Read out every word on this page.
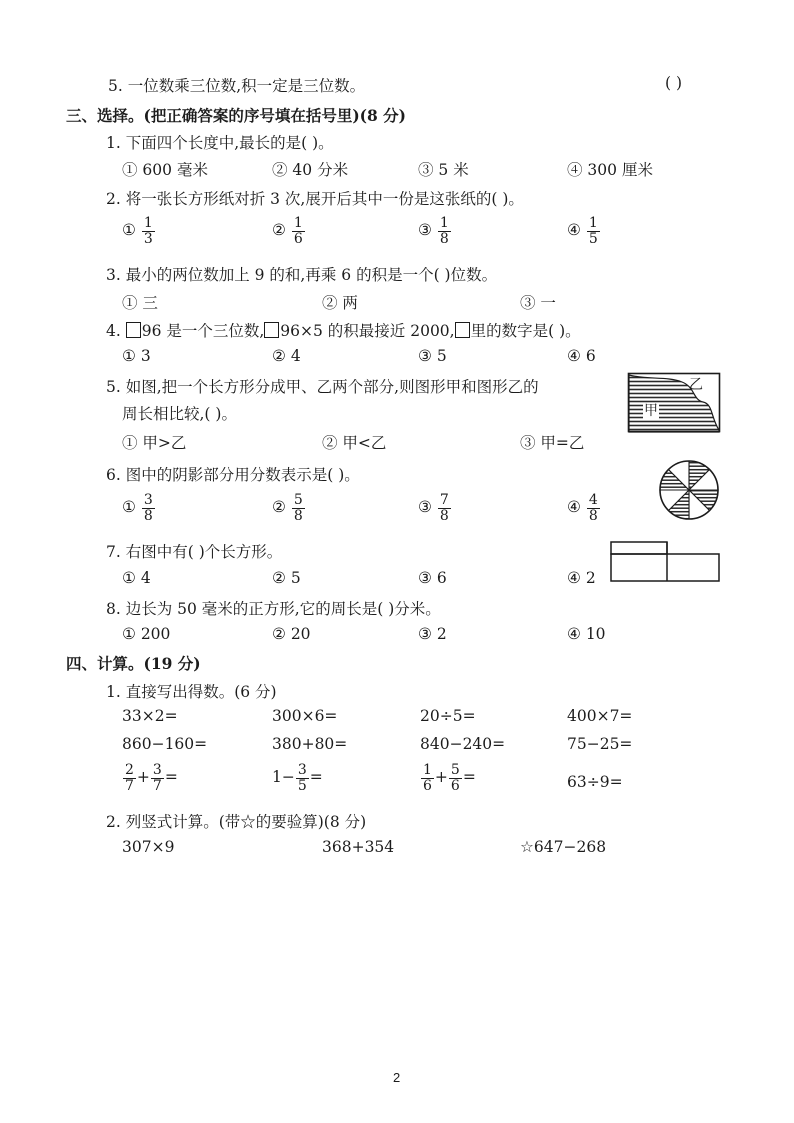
5. 一位数乘三位数,积一定是三位数。	( )
三、选择。(把正确答案的序号填在括号里)(8 分)
1. 下面四个长度中,最长的是( )。
① 600 毫米	② 40 分米	③ 5 米	④ 300 厘米
2. 将一张长方形纸对折 3 次,展开后其中一份是这张纸的( )。
① $\frac{1}{3}$	② $\frac{1}{6}$	③ $\frac{1}{8}$	④ $\frac{1}{5}$
3. 最小的两位数加上 9 的和,再乘 6 的积是一个( )位数。
① 三	② 两	③ 一
4. 96 是一个三位数, 96×5 的积最接近 2000, 里的数字是( )。
① 3	② 4	③ 5	④ 6
5. 如图,把一个长方形分成甲、乙两个部分,则图形甲和图形乙的
周长相比较,( )。
① 甲>乙	② 甲<乙	③ 甲=乙
甲
乙
6. 图中的阴影部分用分数表示是( )。
① $\frac{3}{8}$	② $\frac{5}{8}$	③ $\frac{7}{8}$	④ $\frac{4}{8}$
7. 右图中有( )个长方形。
① 4	② 5	③ 6	④ 2
8. 边长为 50 毫米的正方形,它的周长是( )分米。
① 200	② 20	③ 2	④ 10
四、计算。(19 分)
1. 直接写出得数。(6 分)
33×2=	300×6=	20÷5=	400×7=
860−160=	380+80=	840−240=	75−25=
$\frac{2}{7} + \frac{3}{7}$ =	$1- \frac{3}{5}$ =	$\frac{1}{6} + \frac{5}{6}$ =	63÷9=
2. 列竖式计算。(带☆的要验算)(8 分)
307×9	368+354	☆647−268
2
